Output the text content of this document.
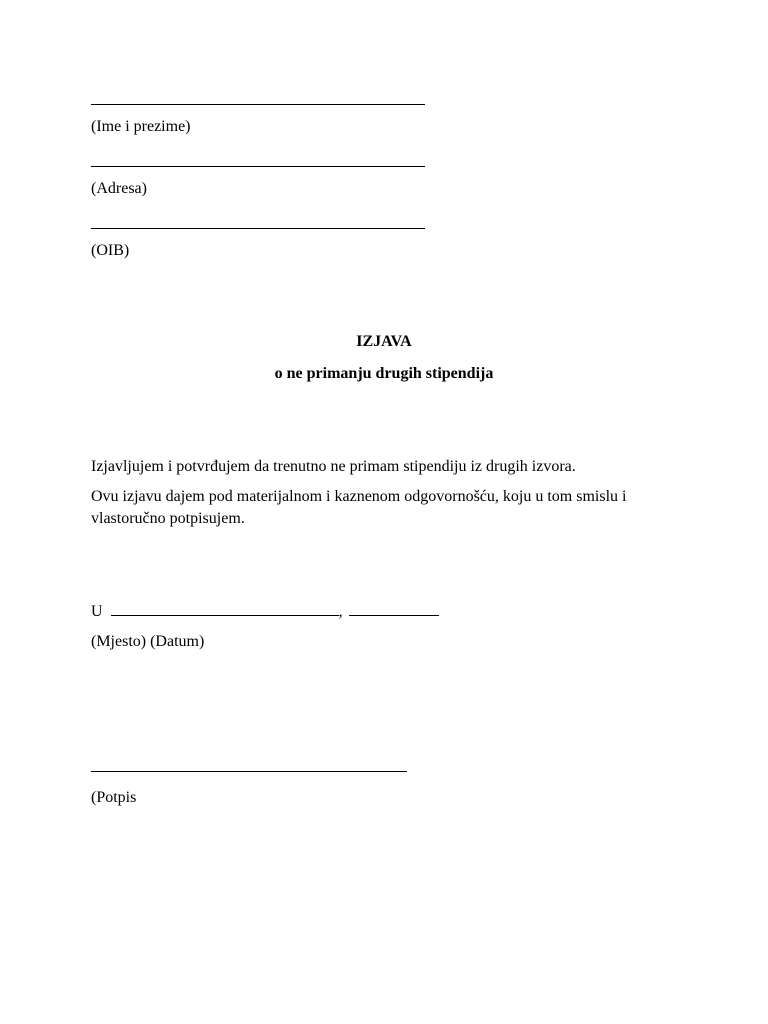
(Ime i prezime)
(Adresa)
(OIB)
IZJAVA
o ne primanju drugih stipendija
Izjavljujem i potvrđujem da trenutno ne primam stipendiju iz drugih izvora.
Ovu izjavu dajem pod materijalnom i kaznenom odgovornošću, koju u tom smislu i vlastoručno potpisujem.
U	,
(Mjesto) (Datum)
(Potpis
